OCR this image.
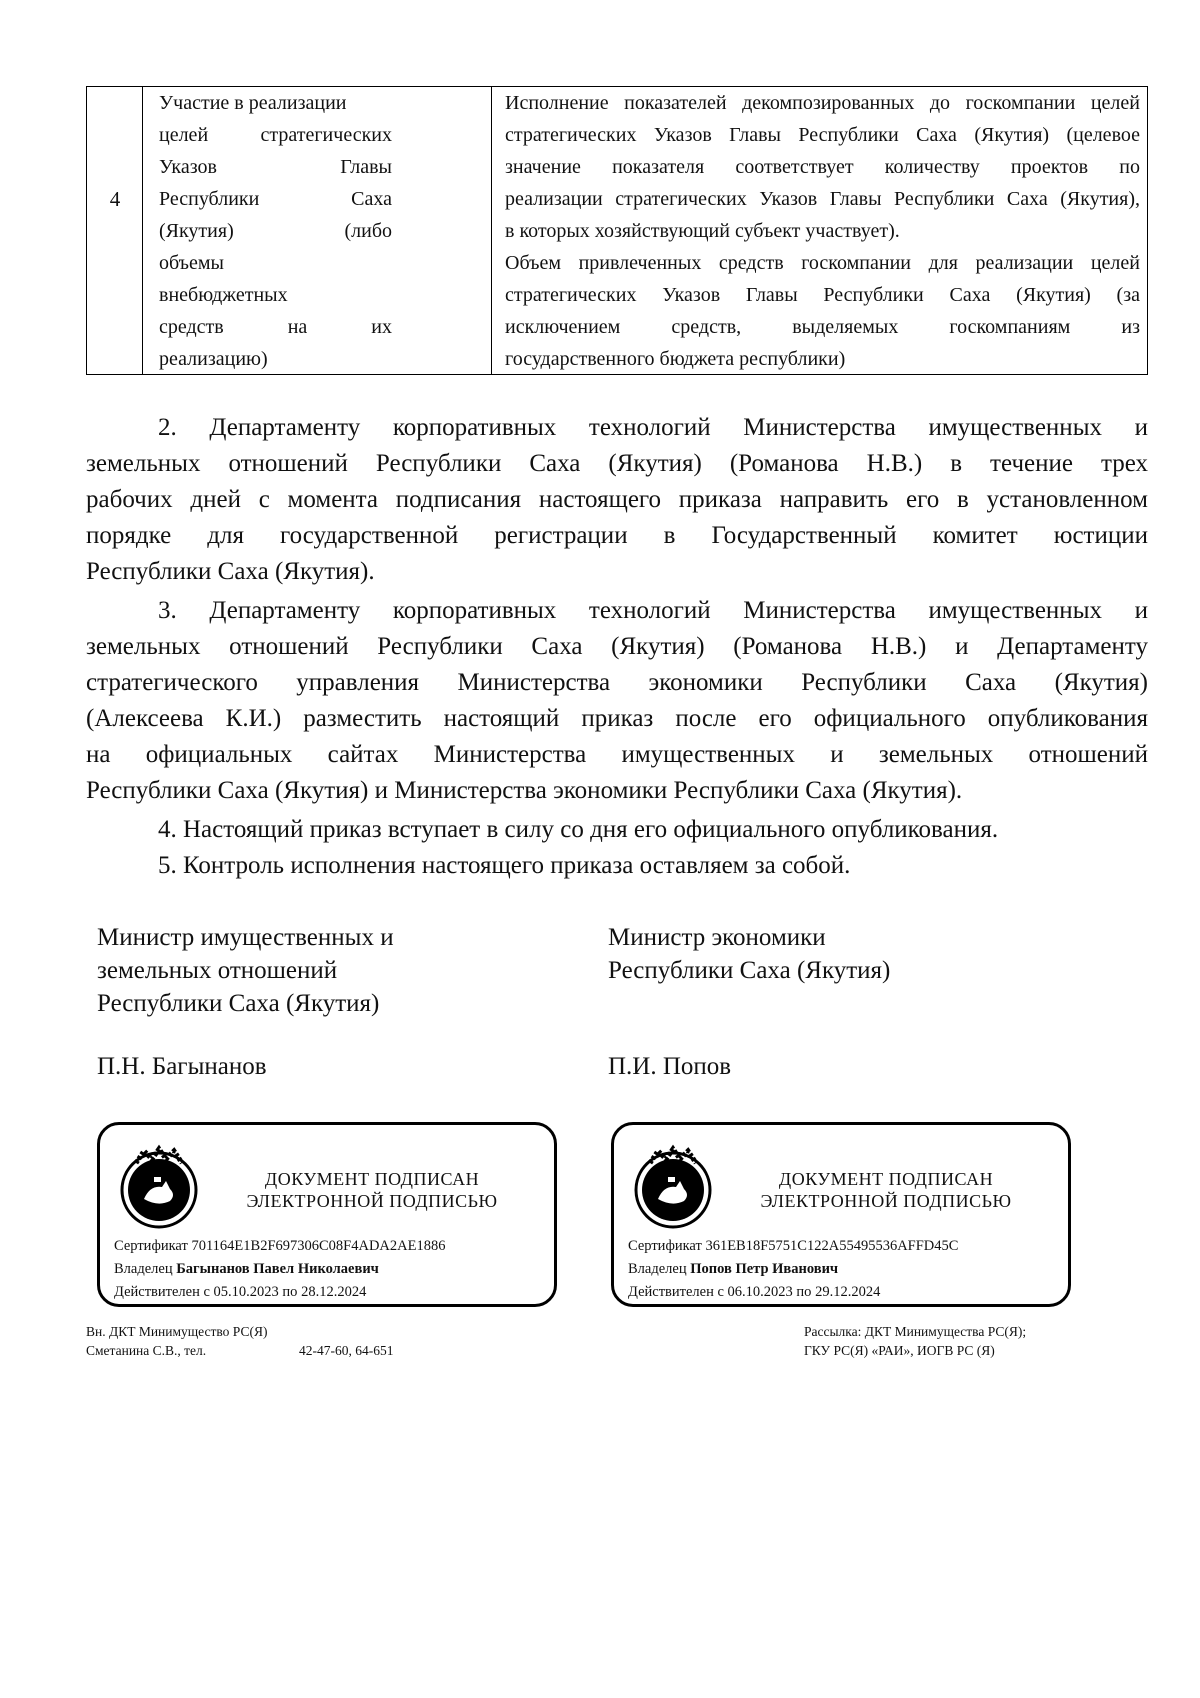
4
Участие в реализации
целей стратегических
Указов Главы
Республики Саха
(Якутия) (либо
объемы
внебюджетных
средств на их
реализацию)
Исполнение показателей декомпозированных до госкомпании целей
стратегических Указов Главы Республики Саха (Якутия) (целевое
значение показателя соответствует количеству проектов по
реализации стратегических Указов Главы Республики Саха (Якутия),
в которых хозяйствующий субъект участвует).
Объем привлеченных средств госкомпании для реализации целей
стратегических Указов Главы Республики Саха (Якутия) (за
исключением средств, выделяемых госкомпаниям из
государственного бюджета республики)
2. Департаменту корпоративных технологий Министерства имущественных и
земельных отношений Республики Саха (Якутия) (Романова Н.В.) в течение трех
рабочих дней с момента подписания настоящего приказа направить его в установленном
порядке для государственной регистрации в Государственный комитет юстиции
Республики Саха (Якутия).
3. Департаменту корпоративных технологий Министерства имущественных и
земельных отношений Республики Саха (Якутия) (Романова Н.В.) и Департаменту
стратегического управления Министерства экономики Республики Саха (Якутия)
(Алексеева К.И.) разместить настоящий приказ после его официального опубликования
на официальных сайтах Министерства имущественных и земельных отношений
Республики Саха (Якутия) и Министерства экономики Республики Саха (Якутия).
4. Настоящий приказ вступает в силу со дня его официального опубликования.
5. Контроль исполнения настоящего приказа оставляем за собой.
Министр имущественных и
земельных отношений
Республики Саха (Якутия)
П.Н. Багынанов
Министр экономики
Республики Саха (Якутия)
П.И. Попов
ДОКУМЕНТ ПОДПИСАН
ЭЛЕКТРОННОЙ ПОДПИСЬЮ
Сертификат 701164E1B2F697306C08F4ADA2AE1886
Владелец Багынанов Павел Николаевич
Действителен с 05.10.2023 по 28.12.2024
ДОКУМЕНТ ПОДПИСАН
ЭЛЕКТРОННОЙ ПОДПИСЬЮ
Сертификат 361EB18F5751C122A55495536AFFD45C
Владелец Попов Петр Иванович
Действителен с 06.10.2023 по 29.12.2024
Вн. ДКТ Минимущество РС(Я)
Сметанина С.В., тел.	42-47-60, 64-651
Рассылка: ДКТ Минимущества РС(Я);
ГКУ РС(Я) «РАИ», ИОГВ РС (Я)
